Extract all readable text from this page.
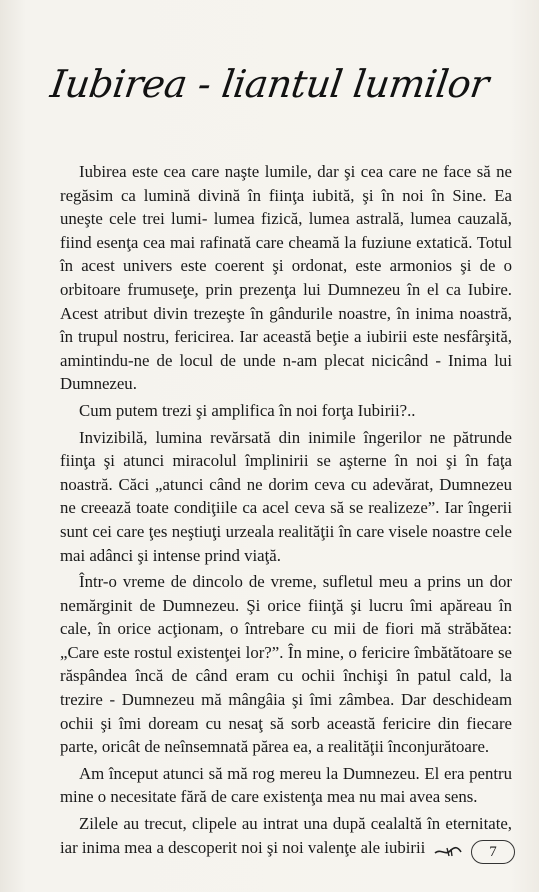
Iubirea - liantul lumilor

Iubirea este cea care naşte lumile, dar şi cea care ne face să ne regăsim ca lumină divină în fiinţa iubită, şi în noi în Sine. Ea uneşte cele trei lumi- lumea fizică, lumea astrală, lumea cauzală, fiind esenţa cea mai rafinată care cheamă la fuziune extatică. Totul în acest univers este coerent şi ordonat, este armonios şi de o orbitoare frumuseţe, prin prezenţa lui Dumnezeu în el ca Iubire. Acest atribut divin trezeşte în gândurile noastre, în inima noastră, în trupul nostru, fericirea. Iar această beţie a iubirii este nesfârşită, amintindu-ne de locul de unde n-am plecat nicicând - Inima lui Dumnezeu.

Cum putem trezi şi amplifica în noi forţa Iubirii?..

Invizibilă, lumina revărsată din inimile îngerilor ne pătrunde fiinţa şi atunci miracolul împlinirii se aşterne în noi şi în faţa noastră. Căci „atunci când ne dorim ceva cu adevărat, Dumnezeu ne creează toate condiţiile ca acel ceva să se realizeze”. Iar îngerii sunt cei care ţes neştiuţi urzeala realităţii în care visele noastre cele mai adânci şi intense prind viaţă.

Într-o vreme de dincolo de vreme, sufletul meu a prins un dor nemărginit de Dumnezeu. Şi orice fiinţă şi lucru îmi apăreau în cale, în orice acţionam, o întrebare cu mii de fiori mă străbătea: „Care este rostul existenţei lor?”. În mine, o fericire îmbătătoare se răspândea încă de când eram cu ochii închişi în patul cald, la trezire - Dumnezeu mă mângâia şi îmi zâmbea. Dar deschideam ochii şi îmi doream cu nesaţ să sorb această fericire din fiecare parte, oricât de neînsemnată părea ea, a realităţii înconjurătoare.

Am început atunci să mă rog mereu la Dumnezeu. El era pentru mine o necesitate fără de care existenţa mea nu mai avea sens.

Zilele au trecut, clipele au intrat una după cealaltă în eternitate, iar inima mea a descoperit noi şi noi valenţe ale iubirii	7
